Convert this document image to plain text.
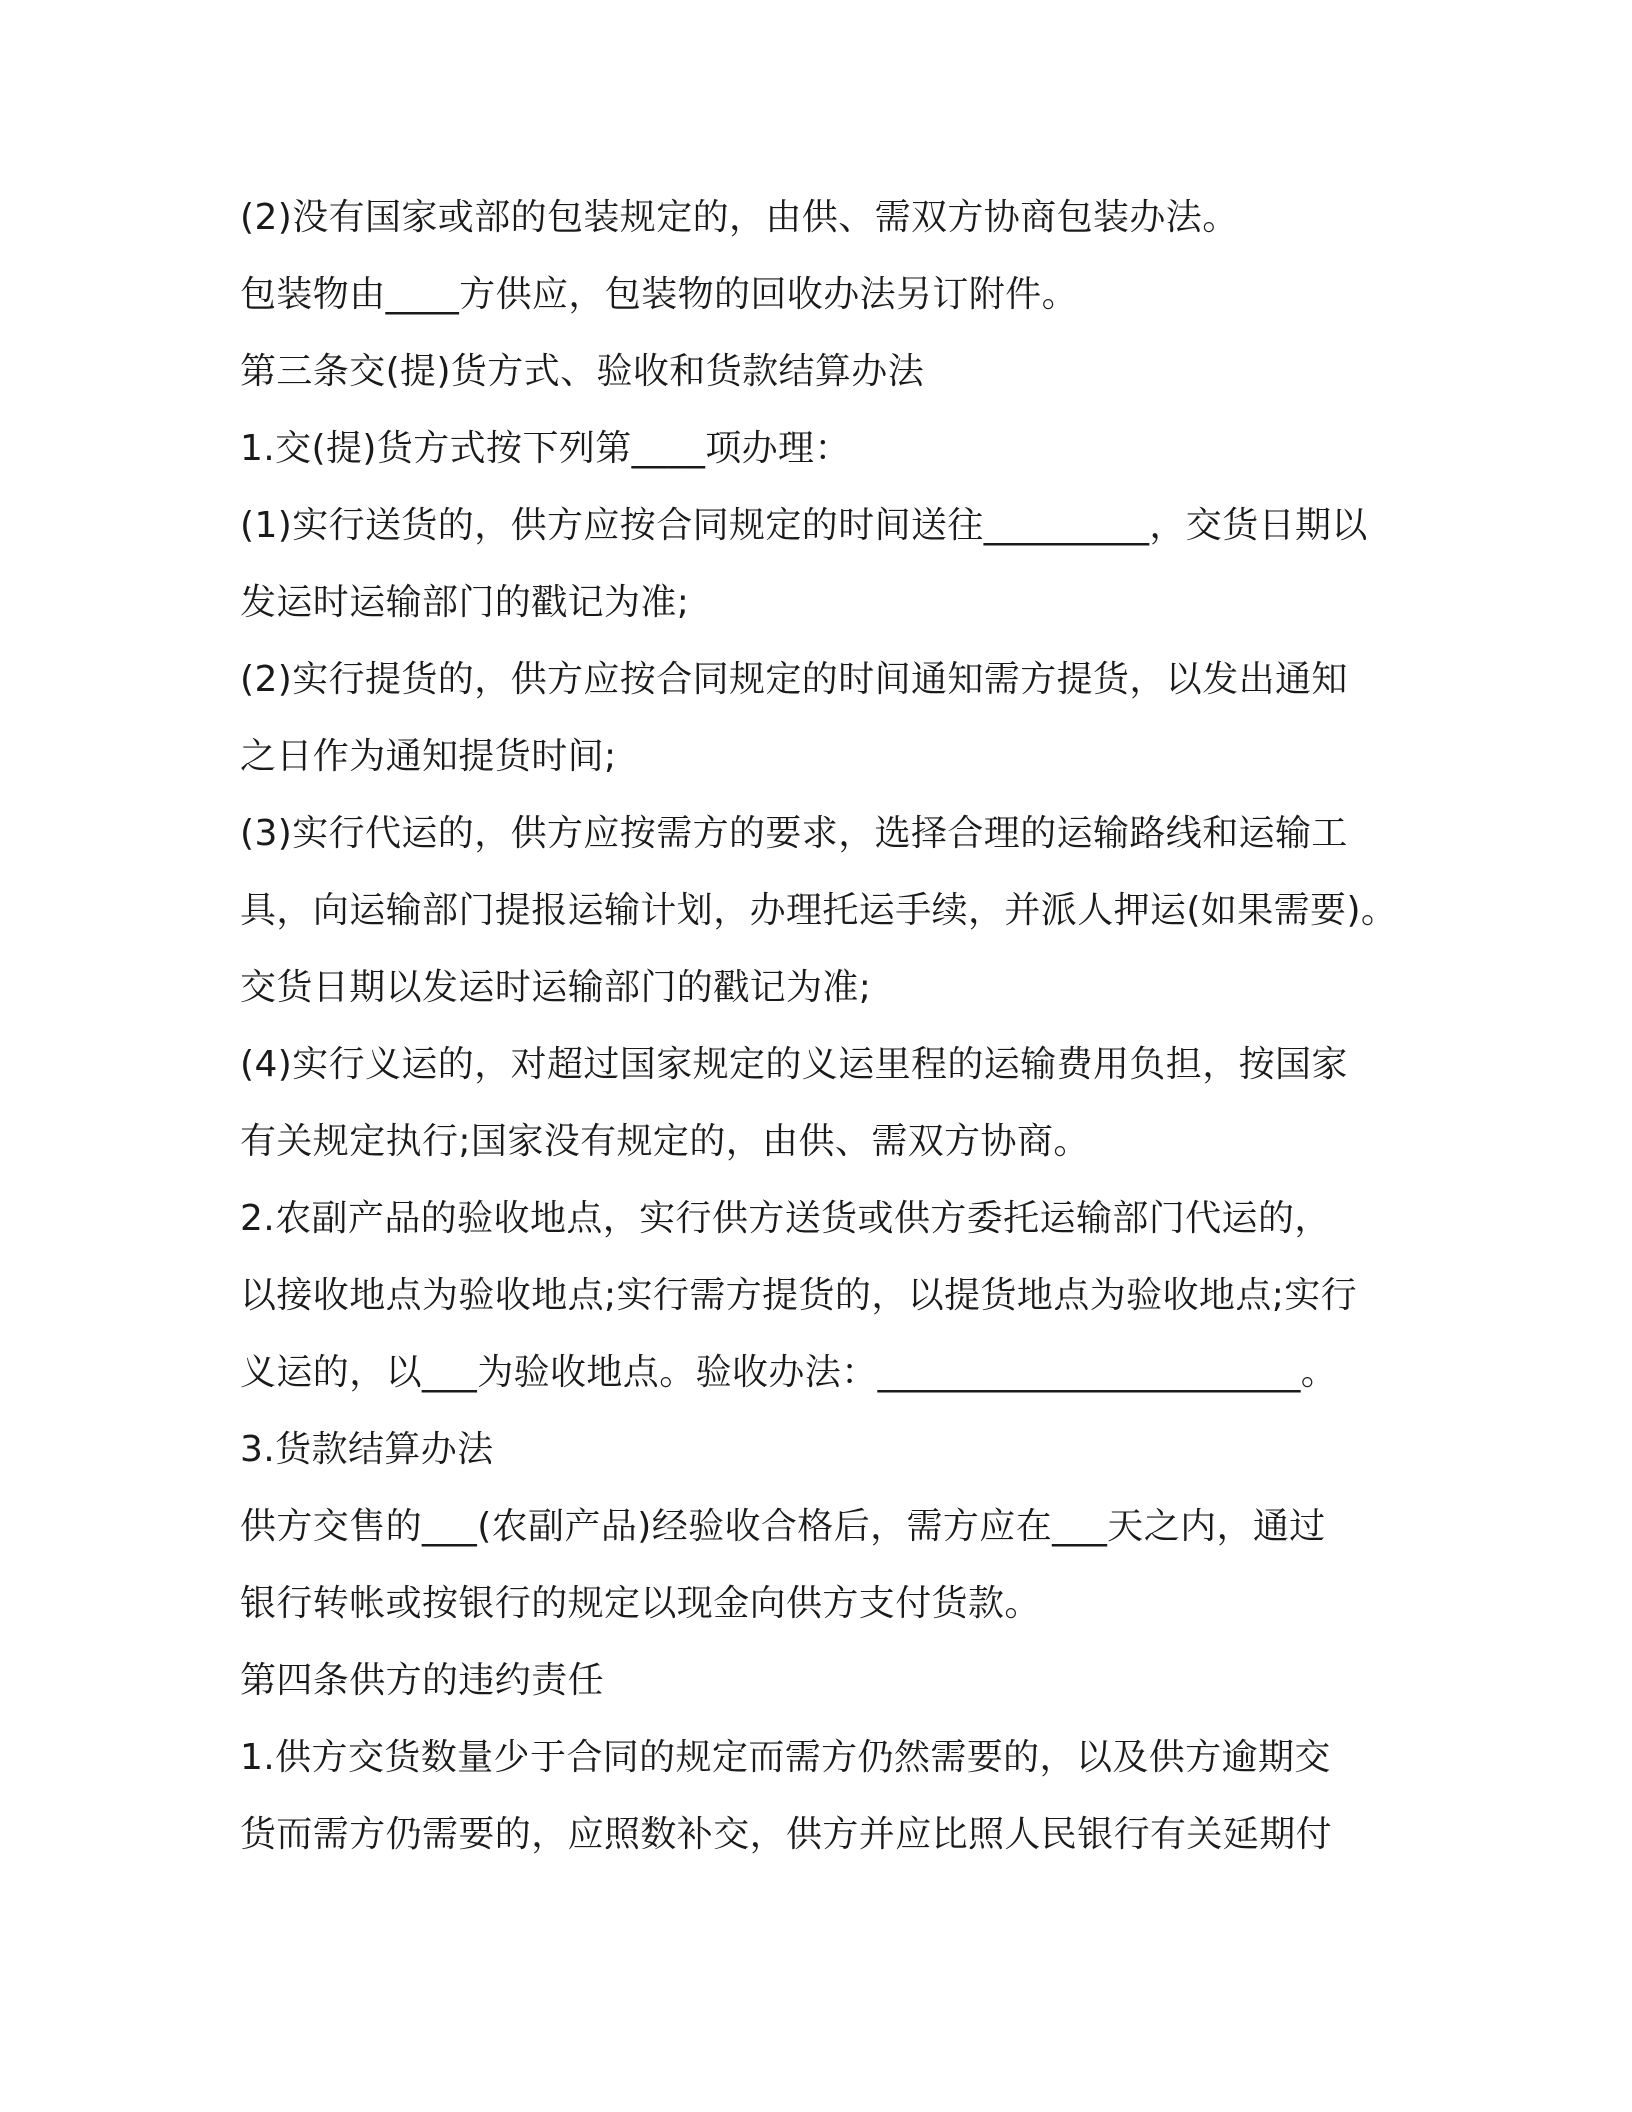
(2)没有国家或部的包装规定的，由供、需双方协商包装办法。
包装物由____方供应，包装物的回收办法另订附件。
第三条交(提)货方式、验收和货款结算办法
1.交(提)货方式按下列第____项办理：
(1)实行送货的，供方应按合同规定的时间送往_________，交货日期以
发运时运输部门的戳记为准;
(2)实行提货的，供方应按合同规定的时间通知需方提货，以发出通知
之日作为通知提货时间;
(3)实行代运的，供方应按需方的要求，选择合理的运输路线和运输工
具，向运输部门提报运输计划，办理托运手续，并派人押运(如果需要)。
交货日期以发运时运输部门的戳记为准;
(4)实行义运的，对超过国家规定的义运里程的运输费用负担，按国家
有关规定执行;国家没有规定的，由供、需双方协商。
2.农副产品的验收地点，实行供方送货或供方委托运输部门代运的，
以接收地点为验收地点;实行需方提货的，以提货地点为验收地点;实行
义运的，以___为验收地点。验收办法：_______________________。
3.货款结算办法
供方交售的___(农副产品)经验收合格后，需方应在___天之内，通过
银行转帐或按银行的规定以现金向供方支付货款。
第四条供方的违约责任
1.供方交货数量少于合同的规定而需方仍然需要的，以及供方逾期交
货而需方仍需要的，应照数补交，供方并应比照人民银行有关延期付
